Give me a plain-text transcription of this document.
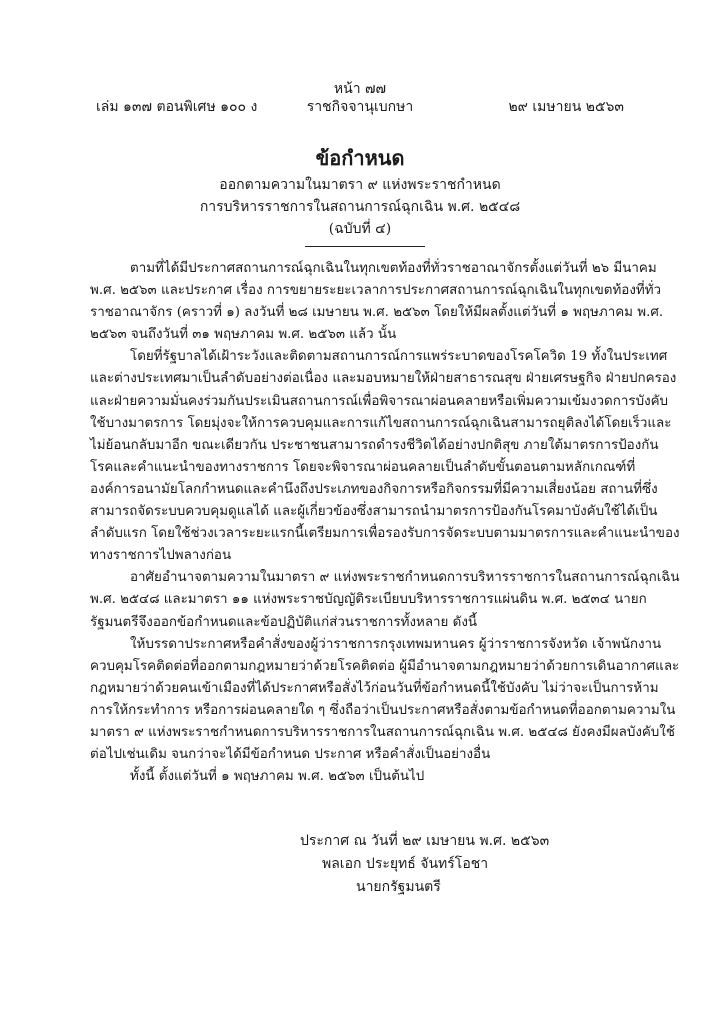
หน้า ๗๗
เล่ม ๑๓๗ ตอนพิเศษ ๑๐๐ ง	ราชกิจจานุเบกษา	๒๙ เมษายน ๒๕๖๓
ข้อกำหนด
ออกตามความในมาตรา ๙ แห่งพระราชกำหนด
การบริหารราชการในสถานการณ์ฉุกเฉิน พ.ศ. ๒๕๔๘
(ฉบับที่ ๔)

ตามที่ได้มีประกาศสถานการณ์ฉุกเฉินในทุกเขตท้องที่ทั่วราชอาณาจักรตั้งแต่วันที่ ๒๖ มีนาคม พ.ศ. ๒๕๖๓ และประกาศ เรื่อง การขยายระยะเวลาการประกาศสถานการณ์ฉุกเฉินในทุกเขตท้องที่ทั่วราชอาณาจักร (คราวที่ ๑) ลงวันที่ ๒๘ เมษายน พ.ศ. ๒๕๖๓ โดยให้มีผลตั้งแต่วันที่ ๑ พฤษภาคม พ.ศ. ๒๕๖๓ จนถึงวันที่ ๓๑ พฤษภาคม พ.ศ. ๒๕๖๓ แล้ว นั้น

โดยที่รัฐบาลได้เฝ้าระวังและติดตามสถานการณ์การแพร่ระบาดของโรคโควิด 19 ทั้งในประเทศและต่างประเทศมาเป็นลำดับอย่างต่อเนื่อง และมอบหมายให้ฝ่ายสาธารณสุข ฝ่ายเศรษฐกิจ ฝ่ายปกครอง และฝ่ายความมั่นคงร่วมกันประเมินสถานการณ์เพื่อพิจารณาผ่อนคลายหรือเพิ่มความเข้มงวดการบังคับใช้บางมาตรการ โดยมุ่งจะให้การควบคุมและการแก้ไขสถานการณ์ฉุกเฉินสามารถยุติลงได้โดยเร็วและไม่ย้อนกลับมาอีก ขณะเดียวกัน ประชาชนสามารถดำรงชีวิตได้อย่างปกติสุข ภายใต้มาตรการป้องกันโรคและคำแนะนำของทางราชการ โดยจะพิจารณาผ่อนคลายเป็นลำดับขั้นตอนตามหลักเกณฑ์ที่องค์การอนามัยโลกกำหนดและคำนึงถึงประเภทของกิจการหรือกิจกรรมที่มีความเสี่ยงน้อย สถานที่ซึ่งสามารถจัดระบบควบคุมดูแลได้ และผู้เกี่ยวข้องซึ่งสามารถนำมาตรการป้องกันโรคมาบังคับใช้ได้เป็นลำดับแรก โดยใช้ช่วงเวลาระยะแรกนี้เตรียมการเพื่อรองรับการจัดระบบตามมาตรการและคำแนะนำของทางราชการไปพลางก่อน

อาศัยอำนาจตามความในมาตรา ๙ แห่งพระราชกำหนดการบริหารราชการในสถานการณ์ฉุกเฉิน พ.ศ. ๒๕๔๘ และมาตรา ๑๑ แห่งพระราชบัญญัติระเบียบบริหารราชการแผ่นดิน พ.ศ. ๒๕๓๔ นายกรัฐมนตรีจึงออกข้อกำหนดและข้อปฏิบัติแก่ส่วนราชการทั้งหลาย ดังนี้

ให้บรรดาประกาศหรือคำสั่งของผู้ว่าราชการกรุงเทพมหานคร ผู้ว่าราชการจังหวัด เจ้าพนักงานควบคุมโรคติดต่อที่ออกตามกฎหมายว่าด้วยโรคติดต่อ ผู้มีอำนาจตามกฎหมายว่าด้วยการเดินอากาศและกฎหมายว่าด้วยคนเข้าเมืองที่ได้ประกาศหรือสั่งไว้ก่อนวันที่ข้อกำหนดนี้ใช้บังคับ ไม่ว่าจะเป็นการห้าม การให้กระทำการ หรือการผ่อนคลายใด ๆ ซึ่งถือว่าเป็นประกาศหรือสั่งตามข้อกำหนดที่ออกตามความในมาตรา ๙ แห่งพระราชกำหนดการบริหารราชการในสถานการณ์ฉุกเฉิน พ.ศ. ๒๕๔๘ ยังคงมีผลบังคับใช้ต่อไปเช่นเดิม จนกว่าจะได้มีข้อกำหนด ประกาศ หรือคำสั่งเป็นอย่างอื่น

ทั้งนี้ ตั้งแต่วันที่ ๑ พฤษภาคม พ.ศ. ๒๕๖๓ เป็นต้นไป

ประกาศ ณ วันที่ ๒๙ เมษายน พ.ศ. ๒๕๖๓
พลเอก ประยุทธ์ จันทร์โอชา
นายกรัฐมนตรี
